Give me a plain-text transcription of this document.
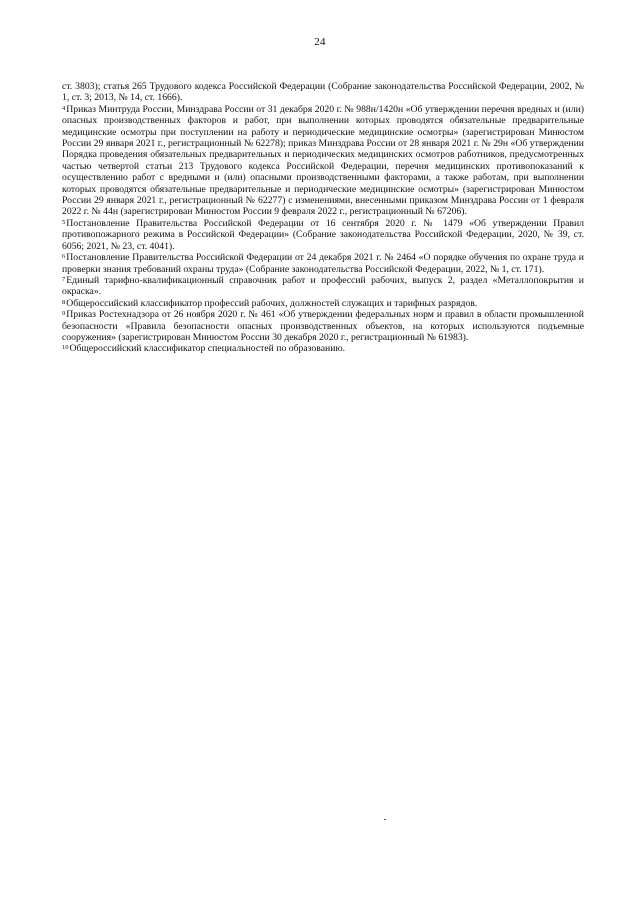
24

ст. 3803); статья 265 Трудового кодекса Российской Федерации (Собрание законодательства Российской Федерации, 2002, № 1, ст. 3; 2013, № 14, ст. 1666).

$^4$Приказ Минтруда России, Минздрава России от 31 декабря 2020 г. № 988н/1420н «Об утверждении перечня вредных и (или) опасных производственных факторов и работ, при выполнении которых проводятся обязательные предварительные медицинские осмотры при поступлении на работу и периодические медицинские осмотры» (зарегистрирован Минюстом России 29 января 2021 г., регистрационный № 62278); приказ Минздрава России от 28 января 2021 г. № 29н «Об утверждении Порядка проведения обязательных предварительных и периодических медицинских осмотров работников, предусмотренных частью четвертой статьи 213 Трудового кодекса Российской Федерации, перечня медицинских противопоказаний к осуществлению работ с вредными и (или) опасными производственными факторами, а также работам, при выполнении которых проводятся обязательные предварительные и периодические медицинские осмотры» (зарегистрирован Минюстом России 29 января 2021 г., регистрационный № 62277) с изменениями, внесенными приказом Минздрава России от 1 февраля 2022 г. № 44н (зарегистрирован Минюстом России 9 февраля 2022 г., регистрационный № 67206).

$^5$Постановление Правительства Российской Федерации от 16 сентября 2020 г. № 1479 «Об утверждении Правил противопожарного режима в Российской Федерации» (Собрание законодательства Российской Федерации, 2020, № 39, ст. 6056; 2021, № 23, ст. 4041).

$^6$Постановление Правительства Российской Федерации от 24 декабря 2021 г. № 2464 «О порядке обучения по охране труда и проверки знания требований охраны труда» (Собрание законодательства Российской Федерации, 2022, № 1, ст. 171).

$^7$Единый тарифно-квалификационный справочник работ и профессий рабочих, выпуск 2, раздел «Металлопокрытия и окраска».

$^8$Общероссийский классификатор профессий рабочих, должностей служащих и тарифных разрядов.

$^9$Приказ Ростехнадзора от 26 ноября 2020 г. № 461 «Об утверждении федеральных норм и правил в области промышленной безопасности «Правила безопасности опасных производственных объектов, на которых используются подъемные сооружения» (зарегистрирован Минюстом России 30 декабря 2020 г., регистрационный № 61983).

$^{10}$Общероссийский классификатор специальностей по образованию.
